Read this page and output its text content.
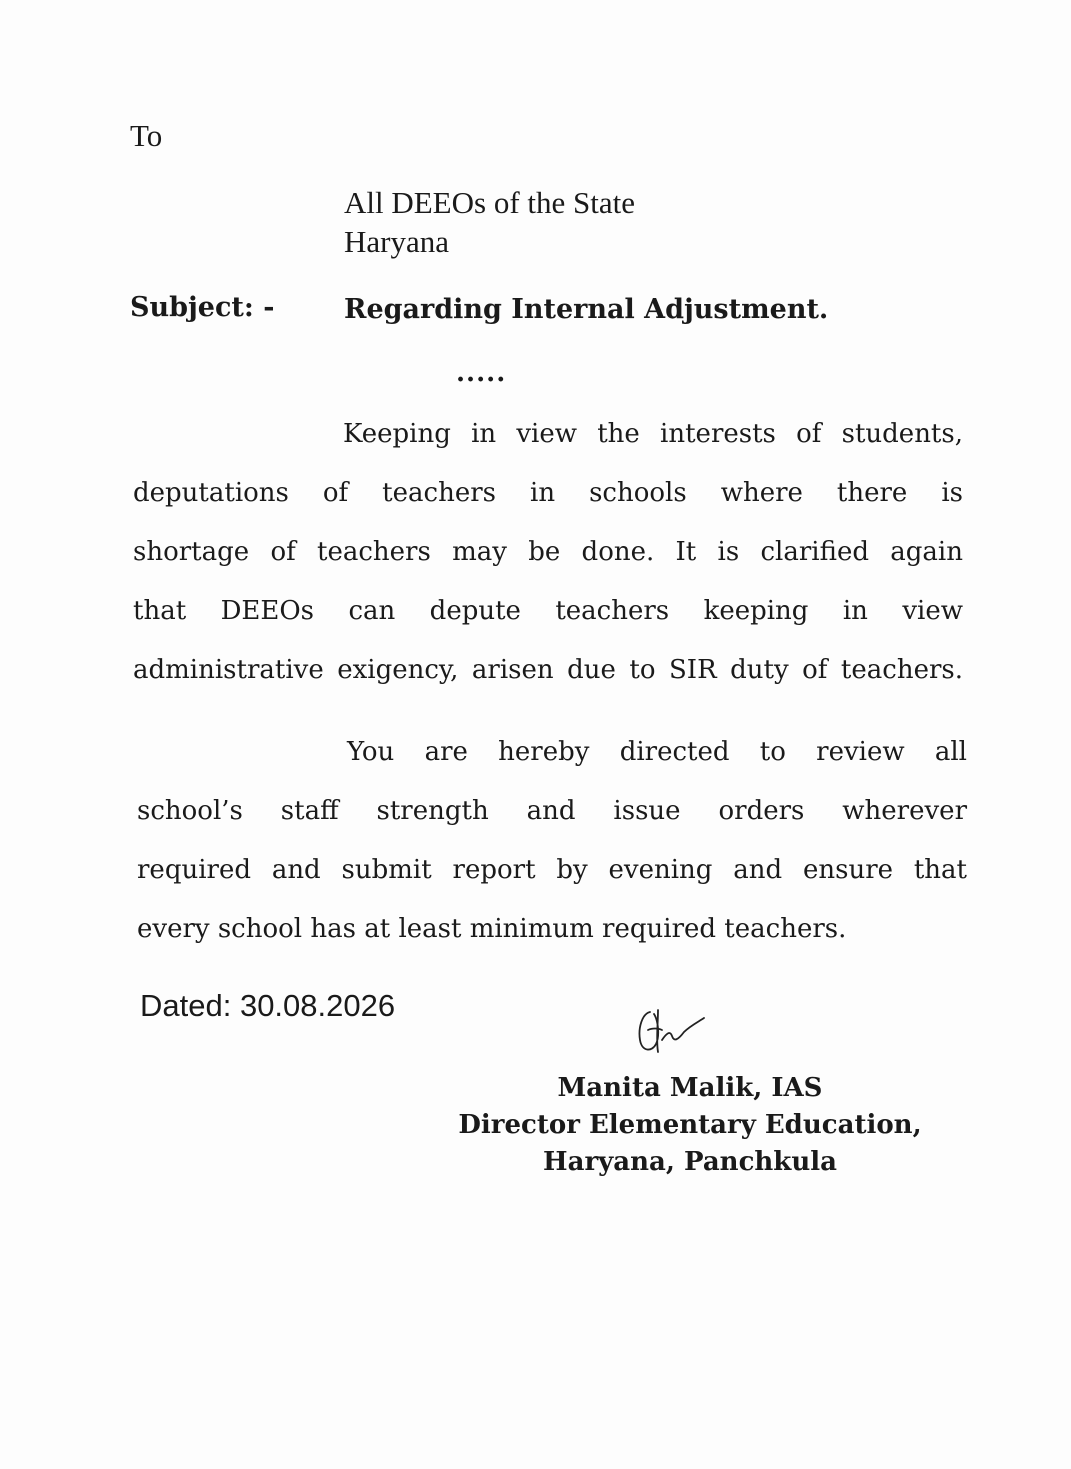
To
All DEEOs of the State
Haryana
Subject: -	Regarding Internal Adjustment.
.....
Keeping in view the interests of students,
deputations of teachers in schools where there is
shortage of teachers may be done. It is clarified again
that DEEOs can depute teachers keeping in view
administrative exigency, arisen due to SIR duty of teachers.
You are hereby directed to review all
school’s staff strength and issue orders wherever
required and submit report by evening and ensure that
every school has at least minimum required teachers.
Dated: 30.08.2026
Manita Malik, IAS
Director Elementary Education,
Haryana, Panchkula
